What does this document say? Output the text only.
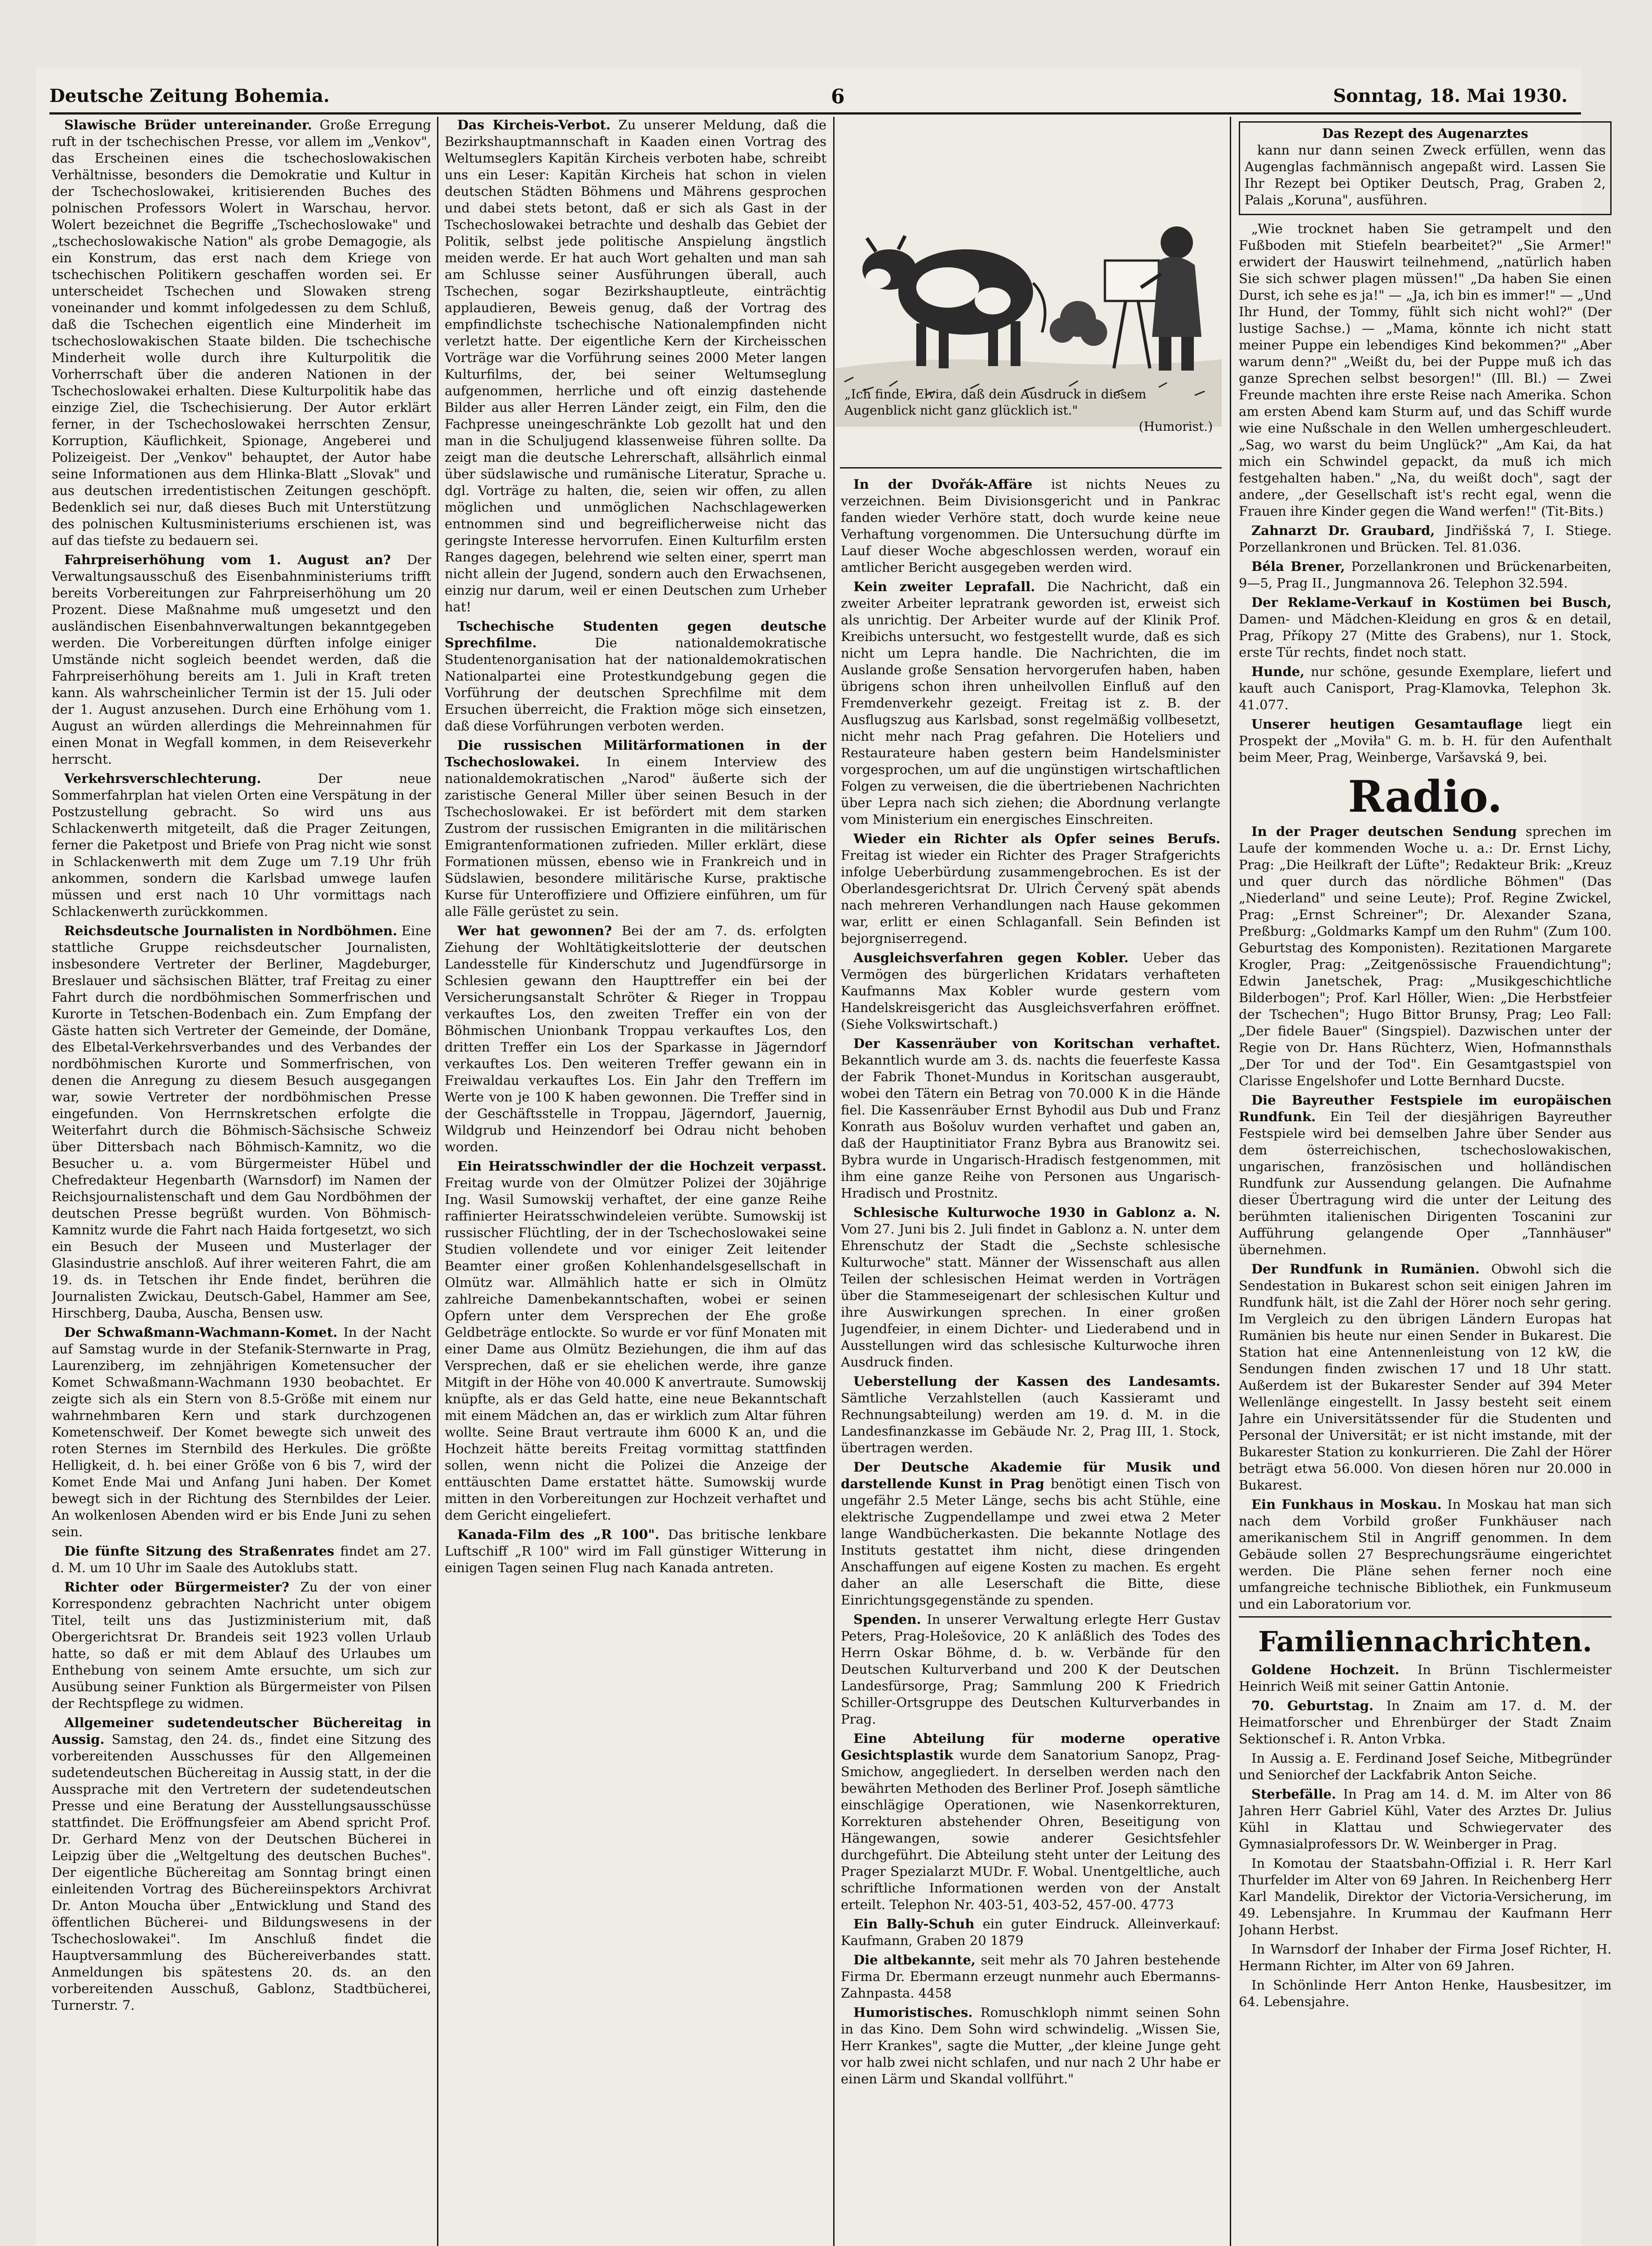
Deutsche Zeitung Bohemia.	6	Sonntag, 18. Mai 1930.

Slawische Brüder untereinander. Große Erregung ruft in der tschechischen Presse, vor allem im „Venkov", das Erscheinen eines die tschechoslowakischen Verhältnisse, besonders die Demokratie und Kultur in der Tschechoslowakei, kritisierenden Buches des polnischen Professors Wolert in Warschau, hervor. Wolert bezeichnet die Begriffe „Tschechoslowake" und „tschechoslowakische Nation" als grobe Demagogie, als ein Konstrum, das erst nach dem Kriege von tschechischen Politikern geschaffen worden sei. Er unterscheidet Tschechen und Slowaken streng voneinander und kommt infolgedessen zu dem Schluß, daß die Tschechen eigentlich eine Minderheit im tschechoslowakischen Staate bilden. Die tschechische Minderheit wolle durch ihre Kulturpolitik die Vorherrschaft über die anderen Nationen in der Tschechoslowakei erhalten. Diese Kulturpolitik habe das einzige Ziel, die Tschechisierung. Der Autor erklärt ferner, in der Tschechoslowakei herrschten Zensur, Korruption, Käuflichkeit, Spionage, Angeberei und Polizeigeist. Der „Venkov" behauptet, der Autor habe seine Informationen aus dem Hlinka-Blatt „Slovak" und aus deutschen irredentistischen Zeitungen geschöpft. Bedenklich sei nur, daß dieses Buch mit Unterstützung des polnischen Kultusministeriums erschienen ist, was auf das tiefste zu bedauern sei.

Fahrpreiserhöhung vom 1. August an? Der Verwaltungsausschuß des Eisenbahnministeriums trifft bereits Vorbereitungen zur Fahrpreiserhöhung um 20 Prozent. Diese Maßnahme muß umgesetzt und den ausländischen Eisenbahnverwaltungen bekanntgegeben werden. Die Vorbereitungen dürften infolge einiger Umstände nicht sogleich beendet werden, daß die Fahrpreiserhöhung bereits am 1. Juli in Kraft treten kann. Als wahrscheinlicher Termin ist der 15. Juli oder der 1. August anzusehen. Durch eine Erhöhung vom 1. August an würden allerdings die Mehreinnahmen für einen Monat in Wegfall kommen, in dem Reiseverkehr herrscht.

Verkehrsverschlechterung.	Der neue Sommerfahrplan hat vielen Orten eine Verspätung in der Postzustellung gebracht. So wird uns aus Schlackenwerth mitgeteilt, daß die Prager Zeitungen, ferner die Paketpost und Briefe von Prag nicht wie sonst in Schlackenwerth mit dem Zuge um 7.19 Uhr früh ankommen, sondern die Karlsbad umwege laufen müssen und erst nach 10 Uhr vormittags nach Schlackenwerth zurückkommen.

Reichsdeutsche Journalisten in Nordböhmen. Eine stattliche Gruppe reichsdeutscher Journalisten, insbesondere Vertreter der Berliner, Magdeburger, Breslauer und sächsischen Blätter, traf Freitag zu einer Fahrt durch die nordböhmischen Sommerfrischen und Kurorte in Tetschen-Bodenbach ein. Zum Empfang der Gäste hatten sich Vertreter der Gemeinde, der Domäne, des Elbetal-Verkehrsverbandes und des Verbandes der nordböhmischen Kurorte und Sommerfrischen, von denen die Anregung zu diesem Besuch ausgegangen war, sowie Vertreter der nordböhmischen Presse eingefunden. Von Herrnskretschen erfolgte die Weiterfahrt durch die Böhmisch-Sächsische Schweiz über Dittersbach nach Böhmisch-Kamnitz, wo die Besucher u. a. vom Bürgermeister Hübel und Chefredakteur Hegenbarth (Warnsdorf) im Namen der Reichsjournalistenschaft und dem Gau Nordböhmen der deutschen Presse begrüßt wurden. Von Böhmisch-Kamnitz wurde die Fahrt nach Haida fortgesetzt, wo sich ein Besuch der Museen und Musterlager der Glasindustrie anschloß. Auf ihrer weiteren Fahrt, die am 19. ds. in Tetschen ihr Ende findet, berühren die Journalisten Zwickau, Deutsch-Gabel, Hammer am See, Hirschberg, Dauba, Auscha, Bensen usw.

Der Schwaßmann-Wachmann-Komet. In der Nacht auf Samstag wurde in der Stefanik-Sternwarte in Prag, Laurenziberg, im zehnjährigen Kometensucher der Komet Schwaßmann-Wachmann 1930 beobachtet. Er zeigte sich als ein Stern von 8.5-Größe mit einem nur wahrnehmbaren Kern und stark durchzogenen Kometenschweif. Der Komet bewegte sich unweit des roten Sternes im Sternbild des Herkules. Die größte Helligkeit, d. h. bei einer Größe von 6 bis 7, wird der Komet Ende Mai und Anfang Juni haben. Der Komet bewegt sich in der Richtung des Sternbildes der Leier. An wolkenlosen Abenden wird er bis Ende Juni zu sehen sein.

Die fünfte Sitzung des Straßenrates findet am 27. d. M. um 10 Uhr im Saale des Autoklubs statt.

Richter oder Bürgermeister? Zu der von einer Korrespondenz gebrachten Nachricht unter obigem Titel, teilt uns das Justizministerium mit, daß Obergerichtsrat Dr. Brandeis seit 1923 vollen Urlaub hatte, so daß er mit dem Ablauf des Urlaubes um Enthebung von seinem Amte ersuchte, um sich zur Ausübung seiner Funktion als Bürgermeister von Pilsen der Rechtspflege zu widmen.

Allgemeiner sudetendeutscher Büchereitag in Aussig. Samstag, den 24. ds., findet eine Sitzung des vorbereitenden Ausschusses für den Allgemeinen sudetendeutschen Büchereitag in Aussig statt, in der die Aussprache mit den Vertretern der sudetendeutschen Presse und eine Beratung der Ausstellungsausschüsse stattfindet. Die Eröffnungsfeier am Abend spricht Prof. Dr. Gerhard Menz von der Deutschen Bücherei in Leipzig über die „Weltgeltung des deutschen Buches". Der eigentliche Büchereitag am Sonntag bringt einen einleitenden Vortrag des Büchereiinspektors Archivrat Dr. Anton Moucha über „Entwicklung und Stand des öffentlichen Bücherei- und Bildungswesens in der Tschechoslowakei". Im Anschluß findet die Hauptversammlung des Büchereiverbandes statt. Anmeldungen bis spätestens 20. ds. an den vorbereitenden Ausschuß, Gablonz, Stadtbücherei, Turnerstr. 7.

Das Kircheis-Verbot. Zu unserer Meldung, daß die Bezirkshauptmannschaft in Kaaden einen Vortrag des Weltumseglers Kapitän Kircheis verboten habe, schreibt uns ein Leser: Kapitän Kircheis hat schon in vielen deutschen Städten Böhmens und Mährens gesprochen und dabei stets betont, daß er sich als Gast in der Tschechoslowakei betrachte und deshalb das Gebiet der Politik, selbst jede politische Anspielung ängstlich meiden werde. Er hat auch Wort gehalten und man sah am Schlusse seiner Ausführungen überall, auch Tschechen, sogar Bezirkshauptleute, einträchtig applaudieren, Beweis genug, daß der Vortrag des empfindlichste tschechische Nationalempfinden nicht verletzt hatte. Der eigentliche Kern der Kircheisschen Vorträge war die Vorführung seines 2000 Meter langen Kulturfilms, der, bei seiner Weltumseglung aufgenommen, herrliche und oft einzig dastehende Bilder aus aller Herren Länder zeigt, ein Film, den die Fachpresse uneingeschränkte Lob gezollt hat und den man in die Schuljugend klassenweise führen sollte. Da zeigt man die deutsche Lehrerschaft, allsährlich einmal über südslawische und rumänische Literatur, Sprache u. dgl. Vorträge zu halten, die, seien wir offen, zu allen möglichen und unmöglichen Nachschlagewerken entnommen sind und begreiflicherweise nicht das geringste Interesse hervorrufen. Einen Kulturfilm ersten Ranges dagegen, belehrend wie selten einer, sperrt man nicht allein der Jugend, sondern auch den Erwachsenen, einzig nur darum, weil er einen Deutschen zum Urheber hat!

Tschechische Studenten gegen deutsche Sprechfilme.	Die nationaldemokratische Studentenorganisation hat der nationaldemokratischen Nationalpartei eine Protestkundgebung gegen die Vorführung der deutschen Sprechfilme mit dem Ersuchen überreicht, die Fraktion möge sich einsetzen, daß diese Vorführungen verboten werden.

Die russischen Militärformationen in der Tschechoslowakei. In einem Interview des nationaldemokratischen „Narod" äußerte sich der zaristische General Miller über seinen Besuch in der Tschechoslowakei. Er ist befördert mit dem starken Zustrom der russischen Emigranten in die militärischen Emigrantenformationen zufrieden. Miller erklärt, diese Formationen müssen, ebenso wie in Frankreich und in Südslawien, besondere militärische Kurse, praktische Kurse für Unteroffiziere und Offiziere einführen, um für alle Fälle gerüstet zu sein.

Wer hat gewonnen? Bei der am 7. ds. erfolgten Ziehung der Wohltätigkeitslotterie der deutschen Landesstelle für Kinderschutz und Jugendfürsorge in Schlesien gewann den Haupttreffer ein bei der Versicherungsanstalt Schröter & Rieger in Troppau verkauftes Los, den zweiten Treffer ein von der Böhmischen Unionbank Troppau verkauftes Los, den dritten Treffer ein Los der Sparkasse in Jägerndorf verkauftes Los. Den weiteren Treffer gewann ein in Freiwaldau verkauftes Los. Ein Jahr den Treffern im Werte von je 100 K haben gewonnen. Die Treffer sind in der Geschäftsstelle in Troppau, Jägerndorf, Jauernig, Wildgrub und Heinzendorf bei Odrau nicht behoben worden.

Ein Heiratsschwindler der die Hochzeit verpasst. Freitag wurde von der Olmützer Polizei der 30jährige Ing. Wasil Sumowskij verhaftet, der eine ganze Reihe raffinierter Heiratsschwindeleien verübte. Sumowskij ist russischer Flüchtling, der in der Tschechoslowakei seine Studien vollendete und vor einiger Zeit leitender Beamter einer großen Kohlenhandelsgesellschaft in Olmütz war. Allmählich hatte er sich in Olmütz zahlreiche Damenbekanntschaften, wobei er seinen Opfern unter dem Versprechen der Ehe große Geldbeträge entlockte. So wurde er vor fünf Monaten mit einer Dame aus Olmütz Beziehungen, die ihm auf das Versprechen, daß er sie ehelichen werde, ihre ganze Mitgift in der Höhe von 40.000 K anvertraute. Sumowskij knüpfte, als er das Geld hatte, eine neue Bekanntschaft mit einem Mädchen an, das er wirklich zum Altar führen wollte. Seine Braut vertraute ihm 6000 K an, und die Hochzeit hätte bereits Freitag vormittag stattfinden sollen, wenn nicht die Polizei die Anzeige der enttäuschten Dame erstattet hätte. Sumowskij wurde mitten in den Vorbereitungen zur Hochzeit verhaftet und dem Gericht eingeliefert.

Kanada-Film des „R 100". Das britische lenkbare Luftschiff „R 100" wird im Fall günstiger Witterung in einigen Tagen seinen Flug nach Kanada antreten.

„Ich finde, Elvira, daß dein Ausdruck in diesem Augenblick nicht ganz glücklich ist."
(Humorist.)

In der Dvořák-Affäre ist nichts Neues zu verzeichnen. Beim Divisionsgericht und in Pankrac fanden wieder Verhöre statt, doch wurde keine neue Verhaftung vorgenommen. Die Untersuchung dürfte im Lauf dieser Woche abgeschlossen werden, worauf ein amtlicher Bericht ausgegeben werden wird.

Kein zweiter Leprafall. Die Nachricht, daß ein zweiter Arbeiter lepratrank geworden ist, erweist sich als unrichtig. Der Arbeiter wurde auf der Klinik Prof. Kreibichs untersucht, wo festgestellt wurde, daß es sich nicht um Lepra handle. Die Nachrichten, die im Auslande große Sensation hervorgerufen haben, haben übrigens schon ihren unheilvollen Einfluß auf den Fremdenverkehr gezeigt. Freitag ist z. B. der Ausflugszug aus Karlsbad, sonst regelmäßig vollbesetzt, nicht mehr nach Prag gefahren. Die Hoteliers und Restaurateure haben gestern beim Handelsminister vorgesprochen, um auf die ungünstigen wirtschaftlichen Folgen zu verweisen, die die übertriebenen Nachrichten über Lepra nach sich ziehen; die Abordnung verlangte vom Ministerium ein energisches Einschreiten.

Wieder ein Richter als Opfer seines Berufs. Freitag ist wieder ein Richter des Prager Strafgerichts infolge Ueberbürdung zusammengebrochen. Es ist der Oberlandesgerichtsrat Dr. Ulrich Červený spät abends nach mehreren Verhandlungen nach Hause gekommen war, erlitt er einen Schlaganfall. Sein Befinden ist bejorgniserregend.

Ausgleichsverfahren gegen Kobler. Ueber das Vermögen des bürgerlichen Kridatars verhafteten Kaufmanns Max Kobler wurde gestern vom Handelskreisgericht das Ausgleichsverfahren eröffnet. (Siehe Volkswirtschaft.)

Der Kassenräuber von Koritschan verhaftet. Bekanntlich wurde am 3. ds. nachts die feuerfeste Kassa der Fabrik Thonet-Mundus in Koritschan ausgeraubt, wobei den Tätern ein Betrag von 70.000 K in die Hände fiel. Die Kassenräuber Ernst Byhodil aus Dub und Franz Konrath aus Bošoluv wurden verhaftet und gaben an, daß der Hauptinitiator Franz Bybra aus Branowitz sei. Bybra wurde in Ungarisch-Hradisch festgenommen, mit ihm eine ganze Reihe von Personen aus Ungarisch-Hradisch und Prostnitz.

Schlesische Kulturwoche 1930 in Gablonz a. N. Vom 27. Juni bis 2. Juli findet in Gablonz a. N. unter dem Ehrenschutz der Stadt die „Sechste schlesische Kulturwoche" statt. Männer der Wissenschaft aus allen Teilen der schlesischen Heimat werden in Vorträgen über die Stammeseigenart der schlesischen Kultur und ihre Auswirkungen sprechen. In einer großen Jugendfeier, in einem Dichter- und Liederabend und in Ausstellungen wird das schlesische Kulturwoche ihren Ausdruck finden.

Ueberstellung der Kassen des Landesamts. Sämtliche Verzahlstellen (auch Kassieramt und Rechnungsabteilung) werden am 19. d. M. in die Landesfinanzkasse im Gebäude Nr. 2, Prag III, 1. Stock, übertragen werden.

Der Deutsche Akademie für Musik und darstellende Kunst in Prag benötigt einen Tisch von ungefähr 2.5 Meter Länge, sechs bis acht Stühle, eine elektrische Zugpendellampe und zwei etwa 2 Meter lange Wandbücherkasten. Die bekannte Notlage des Instituts gestattet ihm nicht, diese dringenden Anschaffungen auf eigene Kosten zu machen. Es ergeht daher an alle Leserschaft die Bitte, diese Einrichtungsgegenstände zu spenden.

Spenden. In unserer Verwaltung erlegte Herr Gustav Peters, Prag-Holešovice, 20 K anläßlich des Todes des Herrn Oskar Böhme, d. b. w. Verbände für den Deutschen Kulturverband und 200 K der Deutschen Landesfürsorge, Prag; Sammlung 200 K Friedrich Schiller-Ortsgruppe des Deutschen Kulturverbandes in Prag.

Eine Abteilung für moderne operative Gesichtsplastik wurde dem Sanatorium Sanopz, Prag-Smichow, angegliedert. In derselben werden nach den bewährten Methoden des Berliner Prof. Joseph sämtliche einschlägige Operationen, wie Nasenkorrekturen, Korrekturen abstehender Ohren, Beseitigung von Hängewangen, sowie anderer Gesichtsfehler durchgeführt. Die Abteilung steht unter der Leitung des Prager Spezialarzt MUDr. F. Wobal. Unentgeltliche, auch schriftliche Informationen werden von der Anstalt erteilt. Telephon Nr. 403-51, 403-52, 457-00. 4773

Ein Bally-Schuh ein guter Eindruck. Alleinverkauf: Kaufmann, Graben 20 1879

Die altbekannte, seit mehr als 70 Jahren bestehende Firma Dr. Ebermann erzeugt nunmehr auch Ebermanns-Zahnpasta. 4458

Humoristisches. Romuschkloph nimmt seinen Sohn in das Kino. Dem Sohn wird schwindelig. „Wissen Sie, Herr Krankes", sagte die Mutter, „der kleine Junge geht vor halb zwei nicht schlafen, und nur nach 2 Uhr habe er einen Lärm und Skandal vollführt."

Das Rezept des Augenarztes

kann nur dann seinen Zweck erfüllen, wenn das Augenglas fachmännisch angepaßt wird. Lassen Sie Ihr Rezept bei Optiker Deutsch, Prag, Graben 2, Palais „Koruna", ausführen.

„Wie trocknet haben Sie getrampelt und den Fußboden mit Stiefeln bearbeitet?" „Sie Armer!" erwidert der Hauswirt teilnehmend, „natürlich haben Sie sich schwer plagen müssen!" „Da haben Sie einen Durst, ich sehe es ja!" — „Ja, ich bin es immer!" — „Und Ihr Hund, der Tommy, fühlt sich nicht wohl?" (Der lustige Sachse.) — „Mama, könnte ich nicht statt meiner Puppe ein lebendiges Kind bekommen?" „Aber warum denn?" „Weißt du, bei der Puppe muß ich das ganze Sprechen selbst besorgen!" (Ill. Bl.) — Zwei Freunde machten ihre erste Reise nach Amerika. Schon am ersten Abend kam Sturm auf, und das Schiff wurde wie eine Nußschale in den Wellen umhergeschleudert. „Sag, wo warst du beim Unglück?" „Am Kai, da hat mich ein Schwindel gepackt, da muß ich mich festgehalten haben." „Na, du weißt doch", sagt der andere, „der Gesellschaft ist's recht egal, wenn die Frauen ihre Kinder gegen die Wand werfen!" (Tit-Bits.)

Zahnarzt Dr. Graubard, Jindřišská 7, I. Stiege. Porzellankronen und Brücken. Tel. 81.036.

Béla Brener, Porzellankronen und Brückenarbeiten, 9—5, Prag II., Jungmannova 26. Telephon 32.594.

Der Reklame-Verkauf in Kostümen bei Busch, Damen- und Mädchen-Kleidung en gros & en detail, Prag, Příkopy 27 (Mitte des Grabens), nur 1. Stock, erste Tür rechts, findet noch statt.

Hunde, nur schöne, gesunde Exemplare, liefert und kauft auch Canisport, Prag-Klamovka, Telephon 3k. 41.077.

Unserer heutigen Gesamtauflage liegt ein Prospekt der „Moviła" G. m. b. H. für den Aufenthalt beim Meer, Prag, Weinberge, Varšavská 9, bei.

Radio.

In der Prager deutschen Sendung sprechen im Laufe der kommenden Woche u. a.: Dr. Ernst Lichy, Prag: „Die Heilkraft der Lüfte"; Redakteur Brik: „Kreuz und quer durch das nördliche Böhmen" (Das „Niederland" und seine Leute); Prof. Regine Zwickel, Prag: „Ernst Schreiner"; Dr. Alexander Szana, Preßburg: „Goldmarks Kampf um den Ruhm" (Zum 100. Geburtstag des Komponisten). Rezitationen Margarete Krogler, Prag: „Zeitgenössische Frauendichtung"; Edwin Janetschek, Prag: „Musikgeschichtliche Bilderbogen"; Prof. Karl Höller, Wien: „Die Herbstfeier der Tschechen"; Hugo Bittor Brunsy, Prag; Leo Fall: „Der fidele Bauer" (Singspiel). Dazwischen unter der Regie von Dr. Hans Rüchterz, Wien, Hofmannsthals „Der Tor und der Tod". Ein Gesamtgastspiel von Clarisse Engelshofer und Lotte Bernhard Ducste.

Die Bayreuther Festspiele im europäischen Rundfunk. Ein Teil der diesjährigen Bayreuther Festspiele wird bei demselben Jahre über Sender aus dem österreichischen, tschechoslowakischen, ungarischen, französischen und holländischen Rundfunk zur Aussendung gelangen. Die Aufnahme dieser Übertragung wird die unter der Leitung des berühmten italienischen Dirigenten Toscanini zur Aufführung gelangende Oper „Tannhäuser" übernehmen.

Der Rundfunk in Rumänien. Obwohl sich die Sendestation in Bukarest schon seit einigen Jahren im Rundfunk hält, ist die Zahl der Hörer noch sehr gering. Im Vergleich zu den übrigen Ländern Europas hat Rumänien bis heute nur einen Sender in Bukarest. Die Station hat eine Antennenleistung von 12 kW, die Sendungen finden zwischen 17 und 18 Uhr statt. Außerdem ist der Bukarester Sender auf 394 Meter Wellenlänge eingestellt. In Jassy besteht seit einem Jahre ein Universitätssender für die Studenten und Personal der Universität; er ist nicht imstande, mit der Bukarester Station zu konkurrieren. Die Zahl der Hörer beträgt etwa 56.000. Von diesen hören nur 20.000 in Bukarest.

Ein Funkhaus in Moskau. In Moskau hat man sich nach dem Vorbild großer Funkhäuser nach amerikanischem Stil in Angriff genommen. In dem Gebäude sollen 27 Besprechungsräume eingerichtet werden. Die Pläne sehen ferner noch eine umfangreiche technische Bibliothek, ein Funkmuseum und ein Laboratorium vor.

Familiennachrichten.

Goldene Hochzeit. In Brünn Tischlermeister Heinrich Weiß mit seiner Gattin Antonie.

70. Geburtstag. In Znaim am 17. d. M. der Heimatforscher und Ehrenbürger der Stadt Znaim Sektionschef i. R. Anton Vrbka.

In Aussig a. E. Ferdinand Josef Seiche, Mitbegründer und Seniorchef der Lackfabrik Anton Seiche.

Sterbefälle. In Prag am 14. d. M. im Alter von 86 Jahren Herr Gabriel Kühl, Vater des Arztes Dr. Julius Kühl in Klattau und Schwiegervater des Gymnasialprofessors Dr. W. Weinberger in Prag.

In Komotau der Staatsbahn-Offizial i. R. Herr Karl Thurfelder im Alter von 69 Jahren. In Reichenberg Herr Karl Mandelik, Direktor der Victoria-Versicherung, im 49. Lebensjahre. In Krummau der Kaufmann Herr Johann Herbst.

In Warnsdorf der Inhaber der Firma Josef Richter, H. Hermann Richter, im Alter von 69 Jahren.

In Schönlinde Herr Anton Henke, Hausbesitzer, im 64. Lebensjahre.
